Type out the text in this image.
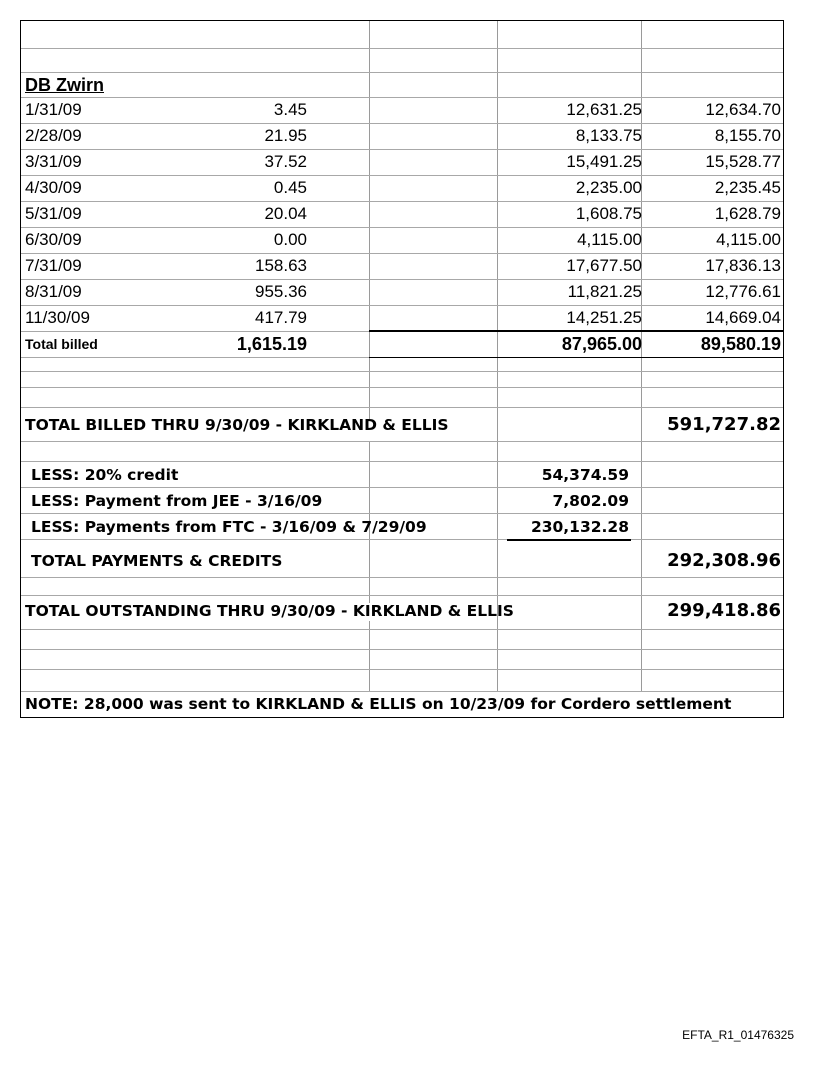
DB Zwirn
1/31/09	3.45	12,631.25	12,634.70
2/28/09	21.95	8,133.75	8,155.70
3/31/09	37.52	15,491.25	15,528.77
4/30/09	0.45	2,235.00	2,235.45
5/31/09	20.04	1,608.75	1,628.79
6/30/09	0.00	4,115.00	4,115.00
7/31/09	158.63	17,677.50	17,836.13
8/31/09	955.36	11,821.25	12,776.61
11/30/09	417.79	14,251.25	14,669.04
Total billed	1,615.19	87,965.00	89,580.19
TOTAL BILLED THRU 9/30/09 - KIRKLAND & ELLIS	591,727.82
LESS: 20% credit	54,374.59
LESS: Payment from JEE - 3/16/09	7,802.09
LESS: Payments from FTC - 3/16/09 & 7/29/09	230,132.28
TOTAL PAYMENTS & CREDITS	292,308.96
TOTAL OUTSTANDING THRU 9/30/09 - KIRKLAND & ELLIS	299,418.86
NOTE: 28,000 was sent to KIRKLAND & ELLIS on 10/23/09 for Cordero settlement
EFTA_R1_01476325
